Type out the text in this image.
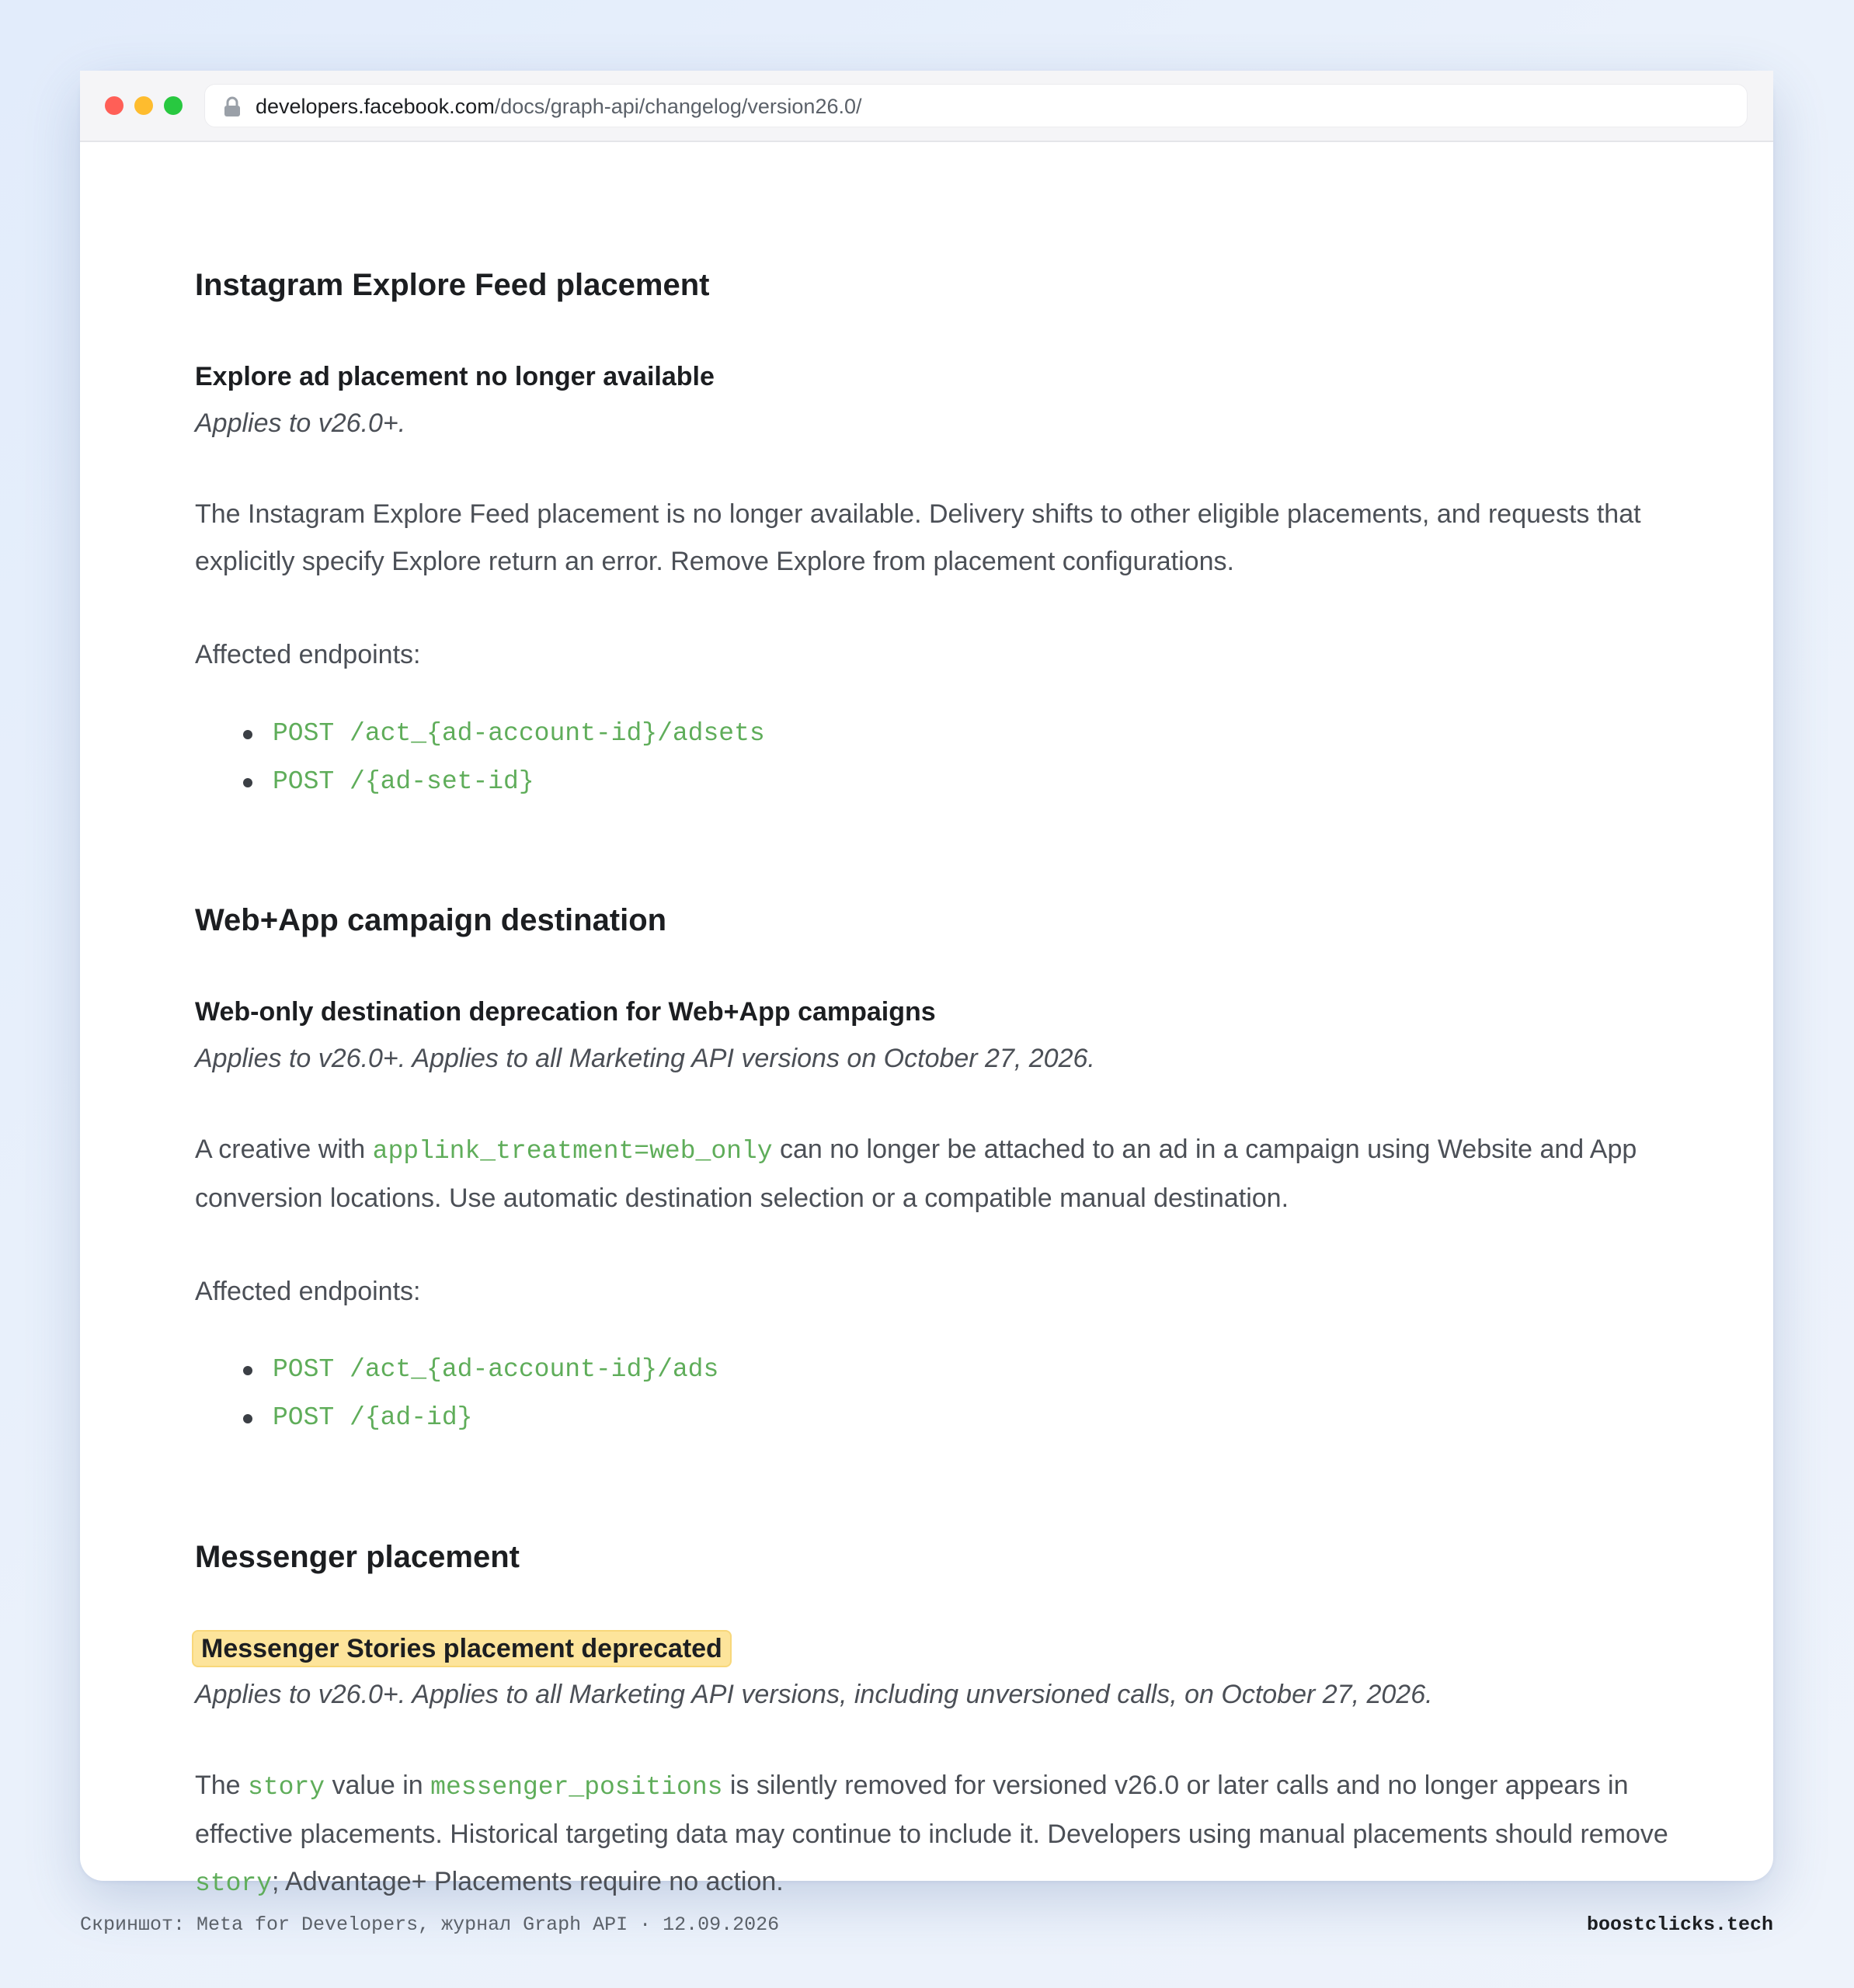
developers.facebook.com/docs/graph-api/changelog/version26.0/
Instagram Explore Feed placement
Explore ad placement no longer available

Applies to v26.0+.

The Instagram Explore Feed placement is no longer available. Delivery shifts to other eligible placements, and requests that explicitly specify Explore return an error. Remove Explore from placement configurations.

Affected endpoints:

POST /act_{ad-account-id}/adsets
POST /{ad-set-id}
Web+App campaign destination
Web-only destination deprecation for Web+App campaigns

Applies to v26.0+. Applies to all Marketing API versions on October 27, 2026.

A creative with applink_treatment=web_only can no longer be attached to an ad in a campaign using Website and App conversion locations. Use automatic destination selection or a compatible manual destination.

Affected endpoints:

POST /act_{ad-account-id}/ads
POST /{ad-id}
Messenger placement
Messenger Stories placement deprecated

Applies to v26.0+. Applies to all Marketing API versions, including unversioned calls, on October 27, 2026.

The story value in messenger_positions is silently removed for versioned v26.0 or later calls and no longer appears in effective placements. Historical targeting data may continue to include it. Developers using manual placements should remove story; Advantage+ Placements require no action.

Скриншот: Meta for Developers, журнал Graph API · 12.09.2026	boostclicks.tech
